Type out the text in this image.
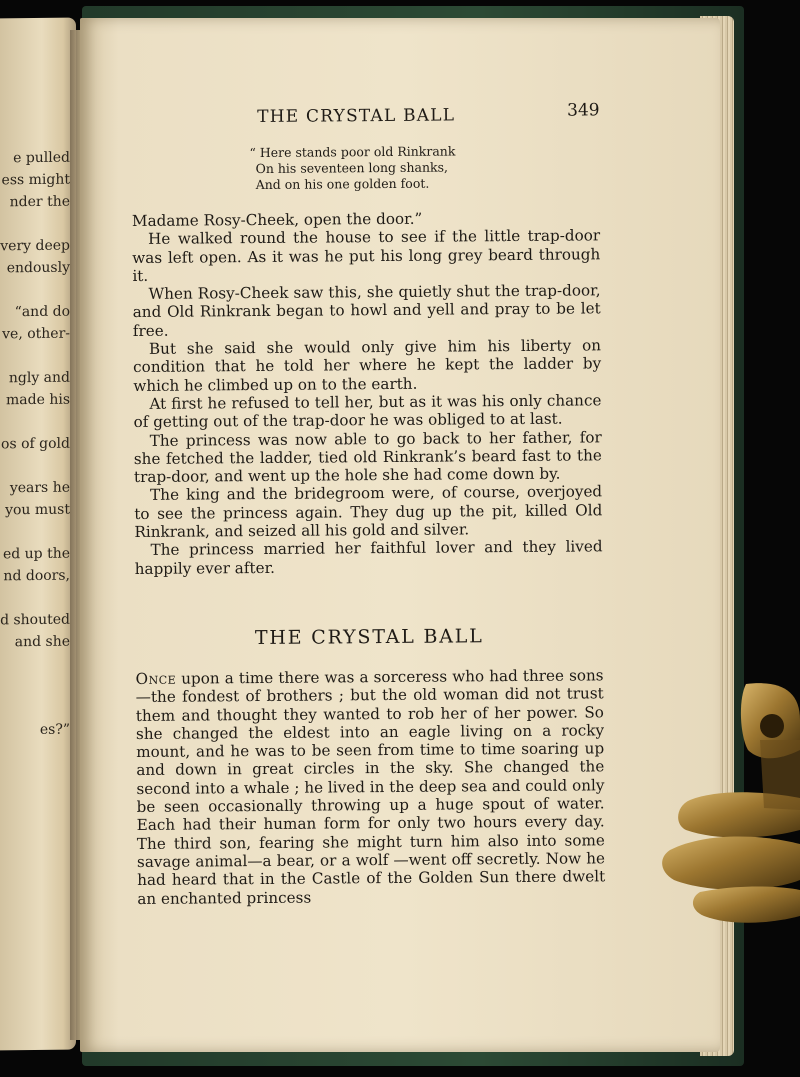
e pulled
ess might
nder the
very deep
endously
“and do
ve, other-
ngly and
made his
os of gold
years he
you must
ed up the
nd doors,
d shouted
and she
es?”
THE CRYSTAL BALL	349
“ Here stands poor old Rinkrank
On his seventeen long shanks,
And on his one golden foot.

Madame Rosy-Cheek, open the door.”

He walked round the house to see if the little trap-door was left open. As it was he put his long grey beard through it.

When Rosy-Cheek saw this, she quietly shut the trap-door, and Old Rinkrank began to howl and yell and pray to be let free.

But she said she would only give him his liberty on condition that he told her where he kept the ladder by which he climbed up on to the earth.

At first he refused to tell her, but as it was his only chance of getting out of the trap-door he was obliged to at last.

The princess was now able to go back to her father, for she fetched the ladder, tied old Rinkrank’s beard fast to the trap-door, and went up the hole she had come down by.

The king and the bridegroom were, of course, overjoyed to see the princess again. They dug up the pit, killed Old Rinkrank, and seized all his gold and silver.

The princess married her faithful lover and they lived happily ever after.

THE CRYSTAL BALL
Once upon a time there was a sorceress who had three sons—the fondest of brothers ; but the old woman did not trust them and thought they wanted to rob her of her power. So she changed the eldest into an eagle living on a rocky mount, and he was to be seen from time to time soaring up and down in great circles in the sky. She changed the second into a whale ; he lived in the deep sea and could only be seen occasionally throwing up a huge spout of water. Each had their human form for only two hours every day. The third son, fearing she might turn him also into some savage animal—a bear, or a wolf —went off secretly. Now he had heard that in the Castle of the Golden Sun there dwelt an enchanted princess
